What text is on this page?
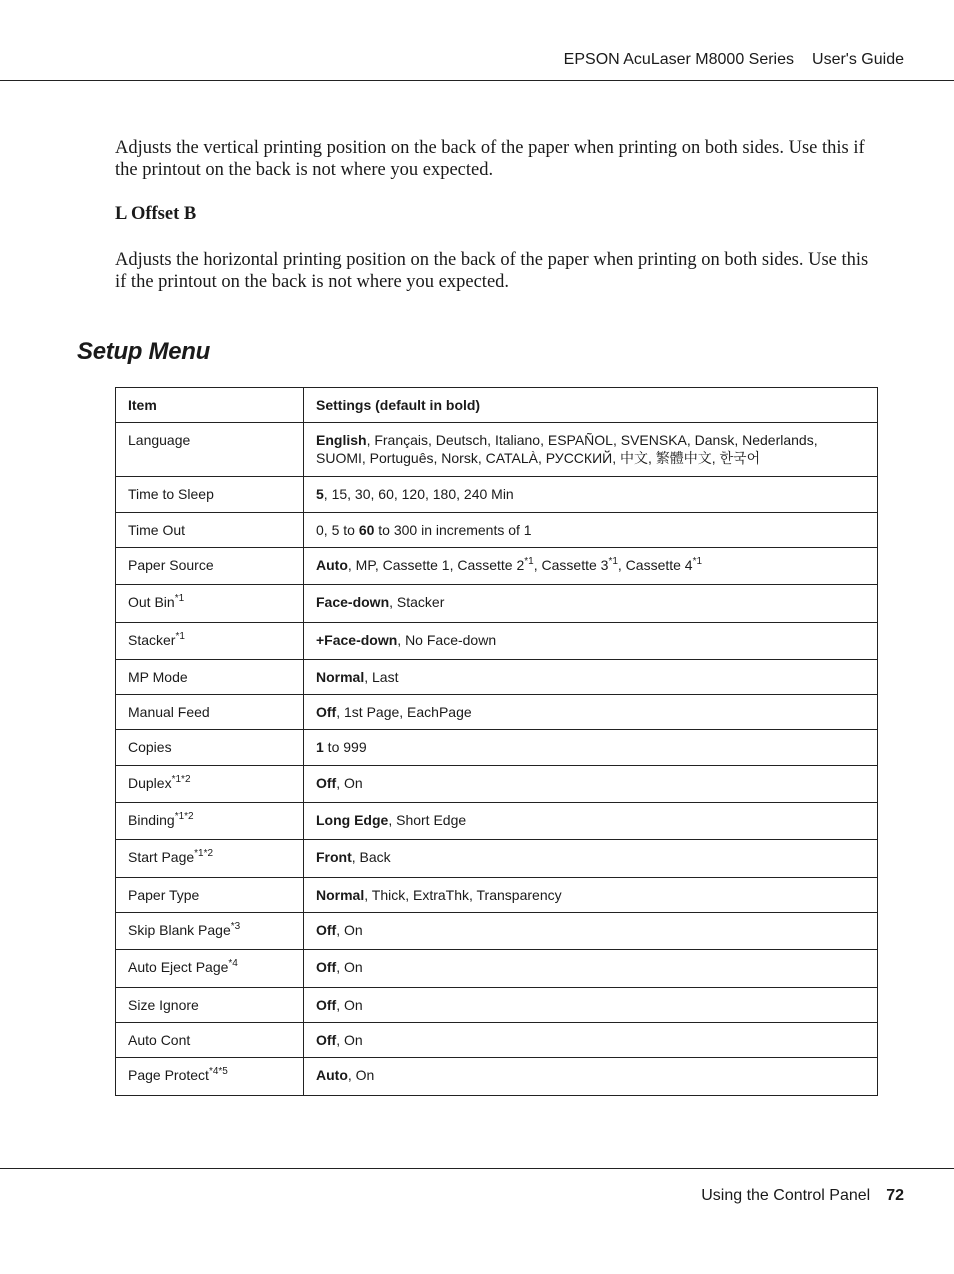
EPSON AcuLaser M8000 Series User's Guide
Adjusts the vertical printing position on the back of the paper when printing on both sides. Use this if the printout on the back is not where you expected.
L Offset B
Adjusts the horizontal printing position on the back of the paper when printing on both sides. Use this if the printout on the back is not where you expected.
Setup Menu
Item	Settings (default in bold)
Language	English, Français, Deutsch, Italiano, ESPAÑOL, SVENSKA, Dansk, Nederlands, SUOMI, Português, Norsk, CATALÀ, РУССКИЙ, 中文, 繁體中文, 한국어
Time to Sleep	5, 15, 30, 60, 120, 180, 240 Min
Time Out	0, 5 to 60 to 300 in increments of 1
Paper Source	Auto, MP, Cassette 1, Cassette 2$^{*1}$, Cassette 3$^{*1}$, Cassette 4$^{*1}$
Out Bin$^{*1}$	Face-down, Stacker
Stacker$^{*1}$	+Face-down, No Face-down
MP Mode	Normal, Last
Manual Feed	Off, 1st Page, EachPage
Copies	1 to 999
Duplex$^{*1*2}$	Off, On
Binding$^{*1*2}$	Long Edge, Short Edge
Start Page$^{*1*2}$	Front, Back
Paper Type	Normal, Thick, ExtraThk, Transparency
Skip Blank Page$^{*3}$	Off, On
Auto Eject Page$^{*4}$	Off, On
Size Ignore	Off, On
Auto Cont	Off, On
Page Protect$^{*4*5}$	Auto, On
Using the Control Panel 72
